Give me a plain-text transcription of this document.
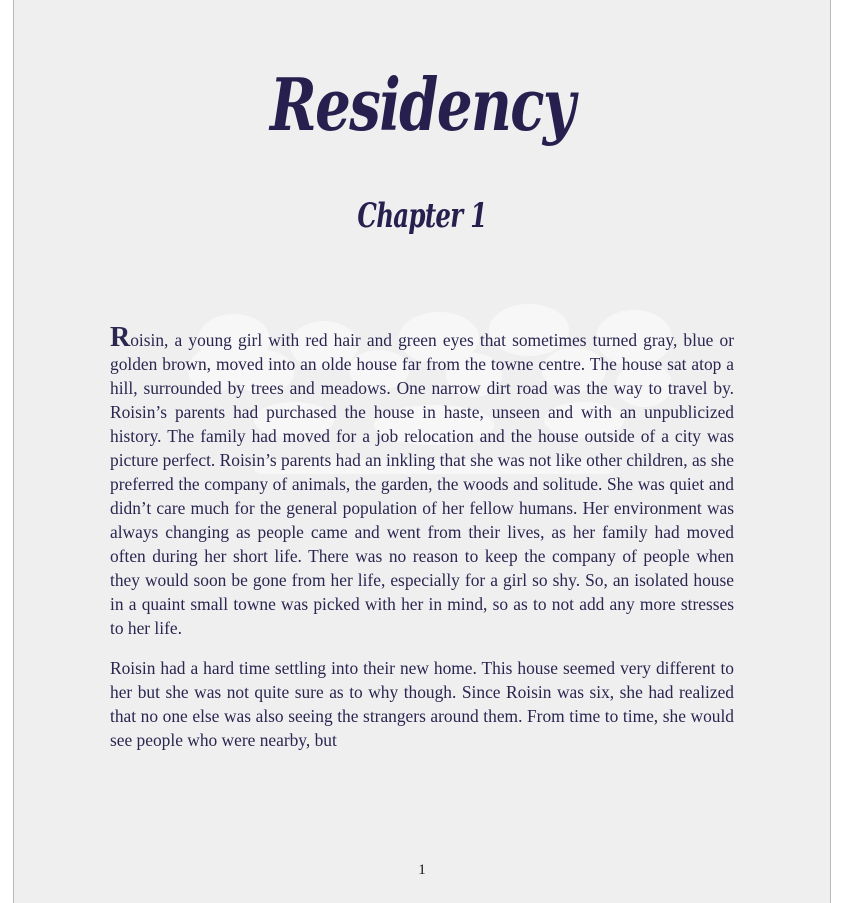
Residency
Chapter 1

Roisin, a young girl with red hair and green eyes that sometimes turned gray, blue or golden brown, moved into an olde house far from the towne centre. The house sat atop a hill, surrounded by trees and meadows. One narrow dirt road was the way to travel by. Roisin’s parents had purchased the house in haste, unseen and with an unpublicized history. The family had moved for a job relocation and the house outside of a city was picture perfect. Roisin’s parents had an inkling that she was not like other children, as she preferred the company of animals, the garden, the woods and solitude. She was quiet and didn’t care much for the general population of her fellow humans. Her environment was always changing as people came and went from their lives, as her family had moved often during her short life. There was no reason to keep the company of people when they would soon be gone from her life, especially for a girl so shy. So, an isolated house in a quaint small towne was picked with her in mind, so as to not add any more stresses to her life.

Roisin had a hard time settling into their new home. This house seemed very different to her but she was not quite sure as to why though. Since Roisin was six, she had realized that no one else was also seeing the strangers around them. From time to time, she would see people who were nearby, but

1
